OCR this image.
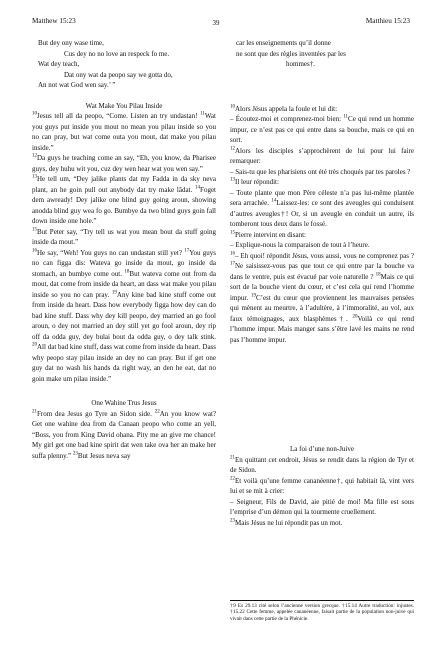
Matthew 15:23	39	Matthieu 15:23

But dey ony wase time,

Cus dey no no love an respeck fo me.

Wat dey teach,

Dat ony wat da peopo say we gotta do,

An not wat God wen say.’ ”

Wat Make You Pilau Inside

$^{10}$Jesus tell all da peopo, “Come. Listen an try undastan! $^{11}$Wat you guys put inside you mout no mean you pilau inside so you no can pray, but wat come outa you mout, dat make you pilau inside.”

$^{12}$Da guys he teaching come an say, “Eh, you know, da Pharisee guys, dey huhu wit you, cuz dey wen hear wat you wen say.”

$^{13}$He tell um, “Dey jalike plants dat my Fadda in da sky neva plant, an he goin pull out anybody dat try make lādat. $^{14}$Foget dem awready! Dey jalike one blind guy going aroun, showing anodda blind guy wea fo go. Bumbye da two blind guys goin fall down inside one hole.”

$^{15}$But Peter say, “Try tell us wat you mean bout da stuff going inside da mout.”

$^{16}$He say, “Weh! You guys no can undastan still yet? $^{17}$You guys no can figga dis: Wateva go inside da mout, go inside da stomach, an bumbye come out. $^{18}$But wateva come out from da mout, dat come from inside da heart, an dass wat make you pilau inside so you no can pray. $^{19}$Any kine bad kine stuff come out from inside da heart. Dass how everybody figga how dey can do bad kine stuff. Dass why dey kill peopo, dey married an go fool aroun, o dey not married an dey still yet go fool aroun, dey rip off da odda guy, dey bulai bout da odda guy, o dey talk stink. $^{20}$All dat bad kine stuff, dass wat come from inside da heart. Dass why peopo stay pilau inside an dey no can pray. But if get one guy dat no wash his hands da right way, an den he eat, dat no goin make um pilau inside.”

One Wahine Trus Jesus

$^{21}$From dea Jesus go Tyre an Sidon side. $^{22}$An you know wat? Get one wahine dea from da Canaan peopo who come an yell, “Boss, you from King David ohana. Pity me an give me chance! My girl get one bad kine spirit dat wen take ova her an make her suffa plenny.” $^{23}$But Jesus neva say

car les enseignements qu’il donne

ne sont que des règles inventées par les

hommes†.

$^{10}$Alors Jésus appela la foule et lui dit:

– Écoutez-moi et comprenez-moi bien: $^{11}$Ce qui rend un homme impur, ce n’est pas ce qui entre dans sa bouche, mais ce qui en sort.

$^{12}$Alors les disciples s’approchèrent de lui pour lui faire remarquer:

– Sais-tu que les pharisiens ont été très choqués par tes paroles ?

$^{13}$Il leur répondit:

– Toute plante que mon Père céleste n’a pas lui-même plantée sera arrachée. $^{14}$Laissez-les: ce sont des aveugles qui conduisent d’autres aveugles†! Or, si un aveugle en conduit un autre, ils tomberont tous deux dans le fossé.

$^{15}$Pierre intervint en disant:

– Explique-nous la comparaison de tout à l’heure.

$^{16}$– Eh quoi! répondit Jésus, vous aussi, vous ne comprenez pas ? $^{17}$Ne saisissez-vous pas que tout ce qui entre par la bouche va dans le ventre, puis est évacué par voie naturelle ? $^{18}$Mais ce qui sort de la bouche vient du cœur, et c’est cela qui rend l’homme impur. $^{19}$C’est du cœur que proviennent les mauvaises pensées qui mènent au meurtre, à l’adultère, à l’immoralité, au vol, aux faux témoignages, aux blasphèmes†. $^{20}$Voilà ce qui rend l’homme impur. Mais manger sans s’être lavé les mains ne rend pas l’homme impur.

La foi d’une non-Juive

$^{21}$En quittant cet endroit, Jésus se rendit dans la région de Tyr et de Sidon.

$^{22}$Et voilà qu’une femme cananéenne†, qui habitait là, vint vers lui et se mit à crier:

– Seigneur, Fils de David, aie pitié de moi! Ma fille est sous l’emprise d’un démon qui la tourmente cruellement.

$^{23}$Mais Jésus ne lui répondit pas un mot.

†9 Es 29.13 cité selon l’ancienne version grecque. †15.14 Autre traduction: injustes. †15.22 Cette femme, appelée cananéenne, faisait partie de la population non-juive qui vivait dans cette partie de la Phénicie.
